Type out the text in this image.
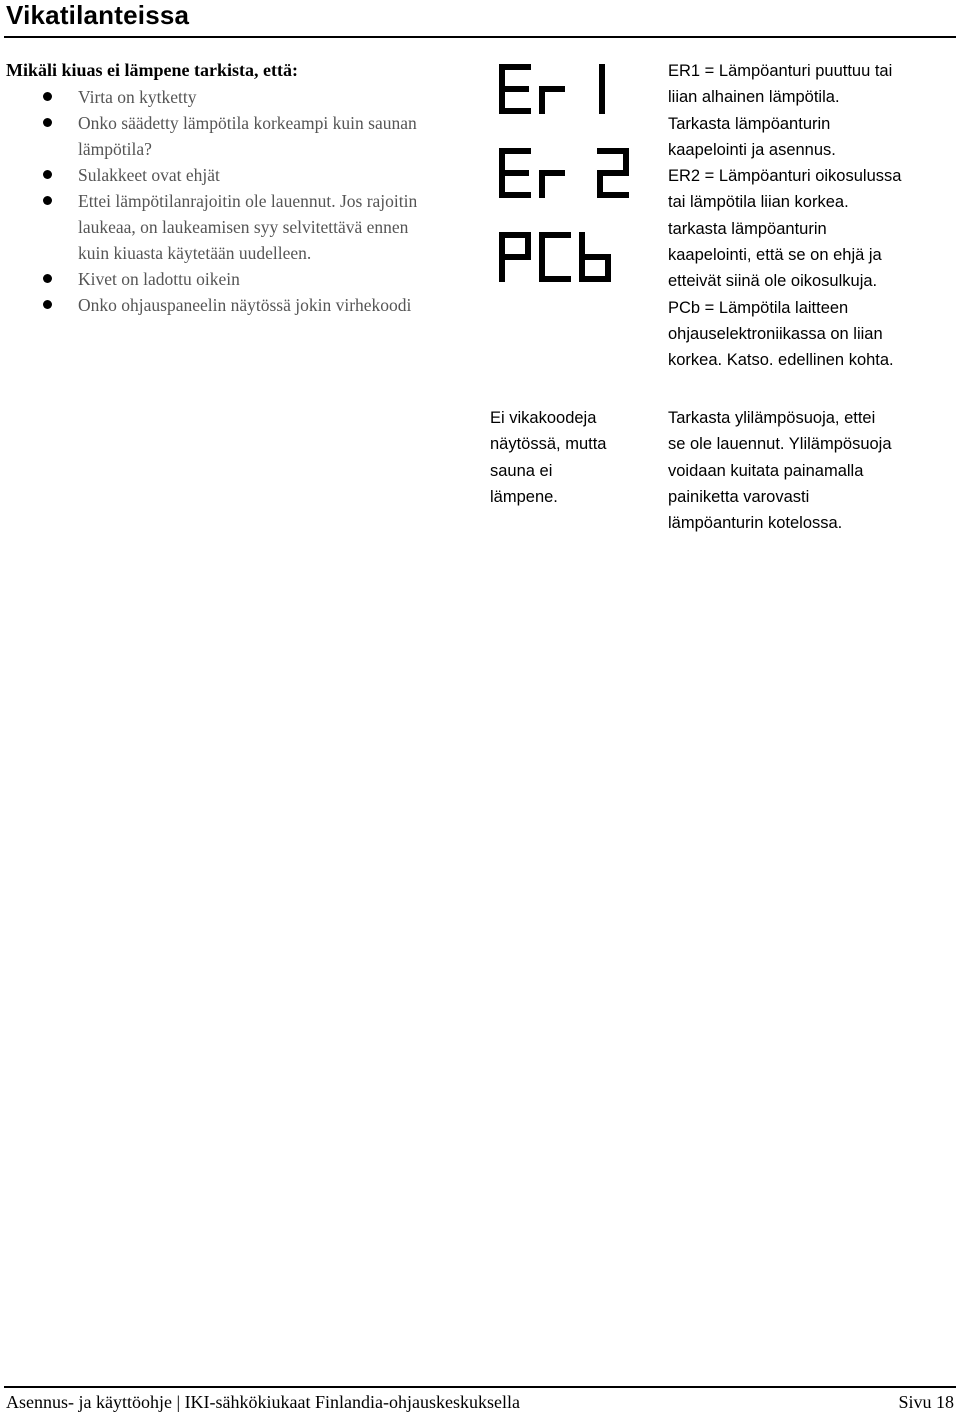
Vikatilanteissa
Mikäli kiuas ei lämpene tarkista, että:
Virta on kytketty
Onko säädetty lämpötila korkeampi kuin saunan lämpötila?
Sulakkeet ovat ehjät
Ettei lämpötilanrajoitin ole lauennut. Jos rajoitin laukeaa, on laukeamisen syy selvitettävä ennen kuin kiuasta käytetään uudelleen.
Kivet on ladottu oikein
Onko ohjauspaneelin näytössä jokin virhekoodi
ER1 = Lämpöanturi puuttuu tai
liian alhainen lämpötila.
Tarkasta lämpöanturin
kaapelointi ja asennus.
ER2 = Lämpöanturi oikosulussa
tai lämpötila liian korkea.
tarkasta lämpöanturin
kaapelointi, että se on ehjä ja
etteivät siinä ole oikosulkuja.
PCb = Lämpötila laitteen
ohjauselektroniikassa on liian
korkea. Katso. edellinen kohta.
Ei vikakoodeja
näytössä, mutta
sauna ei
lämpene.
Tarkasta ylilämpösuoja, ettei
se ole lauennut. Ylilämpösuoja
voidaan kuitata painamalla
painiketta varovasti
lämpöanturin kotelossa.
Asennus- ja käyttöohje | IKI-sähkökiukaat Finlandia-ohjauskeskuksella	Sivu 18
